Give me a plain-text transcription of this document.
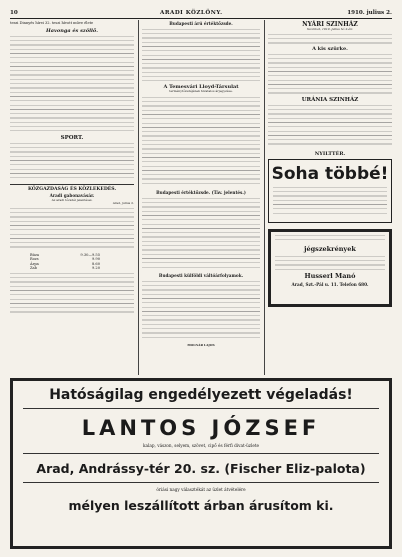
10	ARADI KÖZLÖNY.	1910. julius 2.
teszi Dinnyés hírei 32. teszi hívott műve élete
Havonga és szöllő.
SPORT.
KÖZGAZDASÁG ÉS KÖZLEKEDÉS.
Aradi gabonavásár.
Az aradi tőzsdéi jelentései.
Arad, julius 2.
Búza	9.30—9.55
Rozs	9.90
Árpa	8.60
Zab	9.20
Budapesti árú értéktőzsde.
A Temesvári Lloyd-Társulat
terménytőzsdéjének hivatalos árjegyzése.
Budapesti értéktőzsde. (Táv. jelentés.)
Budapesti külföldi váltóárfolyamok.
MOLNÁR LAJOS
NYÁRI SZINHÁZ
Szombat, 1910. julius hó 2-án:
A kis szürke.
URÁNIA SZINHÁZ
NYILTTÉR.
Soha többé!
jégszekrények
Husserl Manó
Arad, Szt.-Pál u. 11. Telefon 680.
Hatóságilag engedélyezett végeladás!
LANTOS JÓZSEF
kalap, vászon, selyem, szövet, cipő és férfi divat-üzlete
Arad, Andrássy-tér 20. sz. (Fischer Eliz-palota)
óriási nagy választékát az üzlet átvételére
mélyen leszállított árban árusítom ki.
